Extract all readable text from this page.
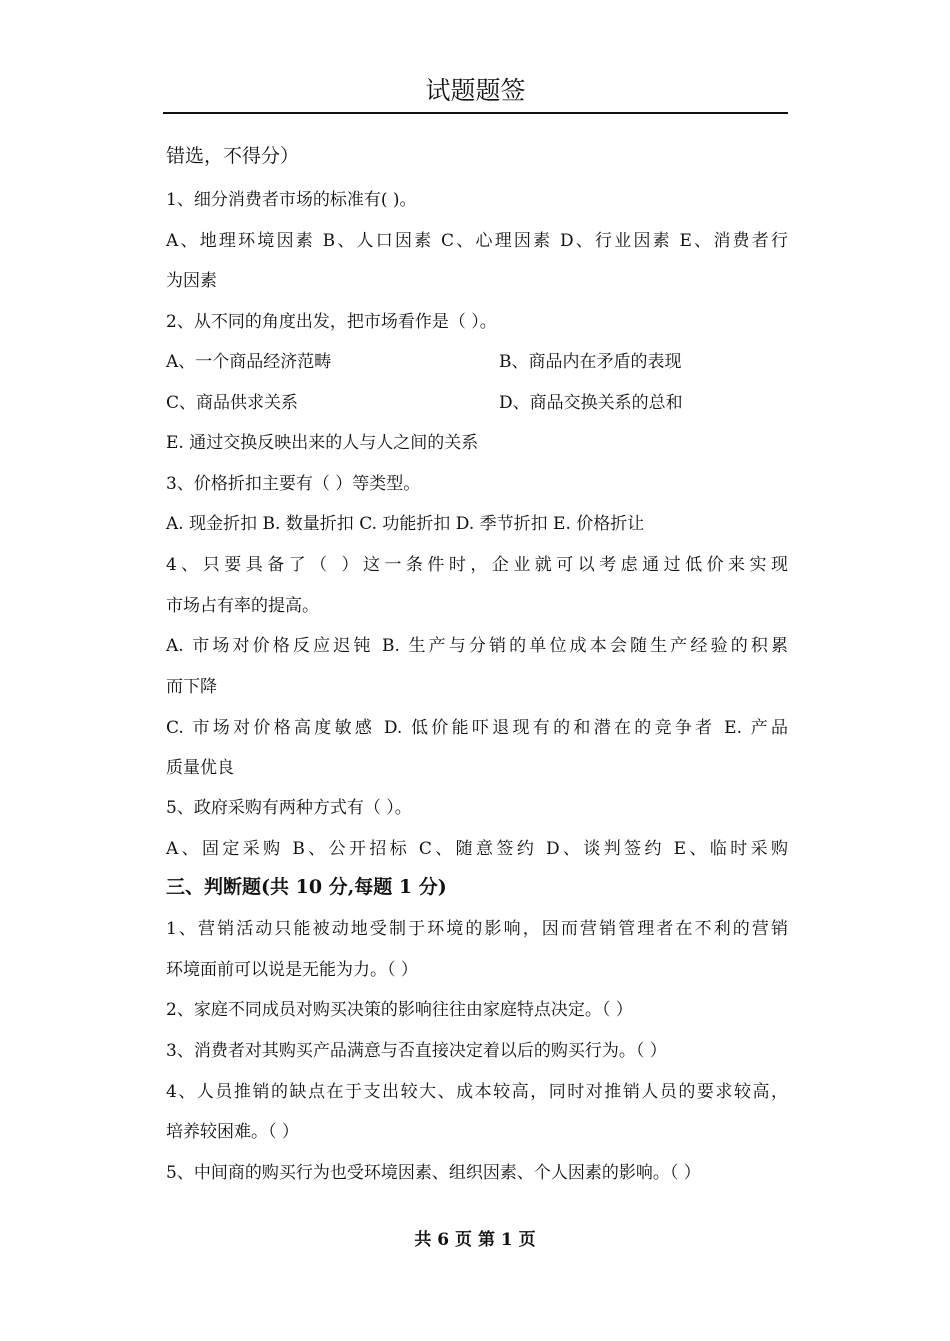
试题题签
错选，不得分）
1、细分消费者市场的标准有( )。
A、地理环境因素 B、人口因素 C、心理因素 D、行业因素 E、消费者行
为因素
2、从不同的角度出发，把市场看作是（ ）。
A、一个商品经济范畴	B、商品内在矛盾的表现
C、商品供求关系	D、商品交换关系的总和
E. 通过交换反映出来的人与人之间的关系
3、价格折扣主要有（ ）等类型。
A. 现金折扣 B. 数量折扣 C. 功能折扣 D. 季节折扣 E. 价格折让
4、只要具备了（ ）这一条件时，企业就可以考虑通过低价来实现
市场占有率的提高。
A. 市场对价格反应迟钝 B. 生产与分销的单位成本会随生产经验的积累
而下降
C. 市场对价格高度敏感 D. 低价能吓退现有的和潜在的竞争者 E. 产品
质量优良
5、政府采购有两种方式有（ ）。
A、固定采购 B、公开招标 C、随意签约 D、谈判签约 E、临时采购
三、判断题(共 10 分,每题 1 分)
1、营销活动只能被动地受制于环境的影响，因而营销管理者在不利的营销
环境面前可以说是无能为力。（ ）
2、家庭不同成员对购买决策的影响往往由家庭特点决定。（ ）
3、消费者对其购买产品满意与否直接决定着以后的购买行为。（ ）
4、人员推销的缺点在于支出较大、成本较高，同时对推销人员的要求较高，
培养较困难。（ ）
5、中间商的购买行为也受环境因素、组织因素、个人因素的影响。（ ）
共 6 页 第 1 页
